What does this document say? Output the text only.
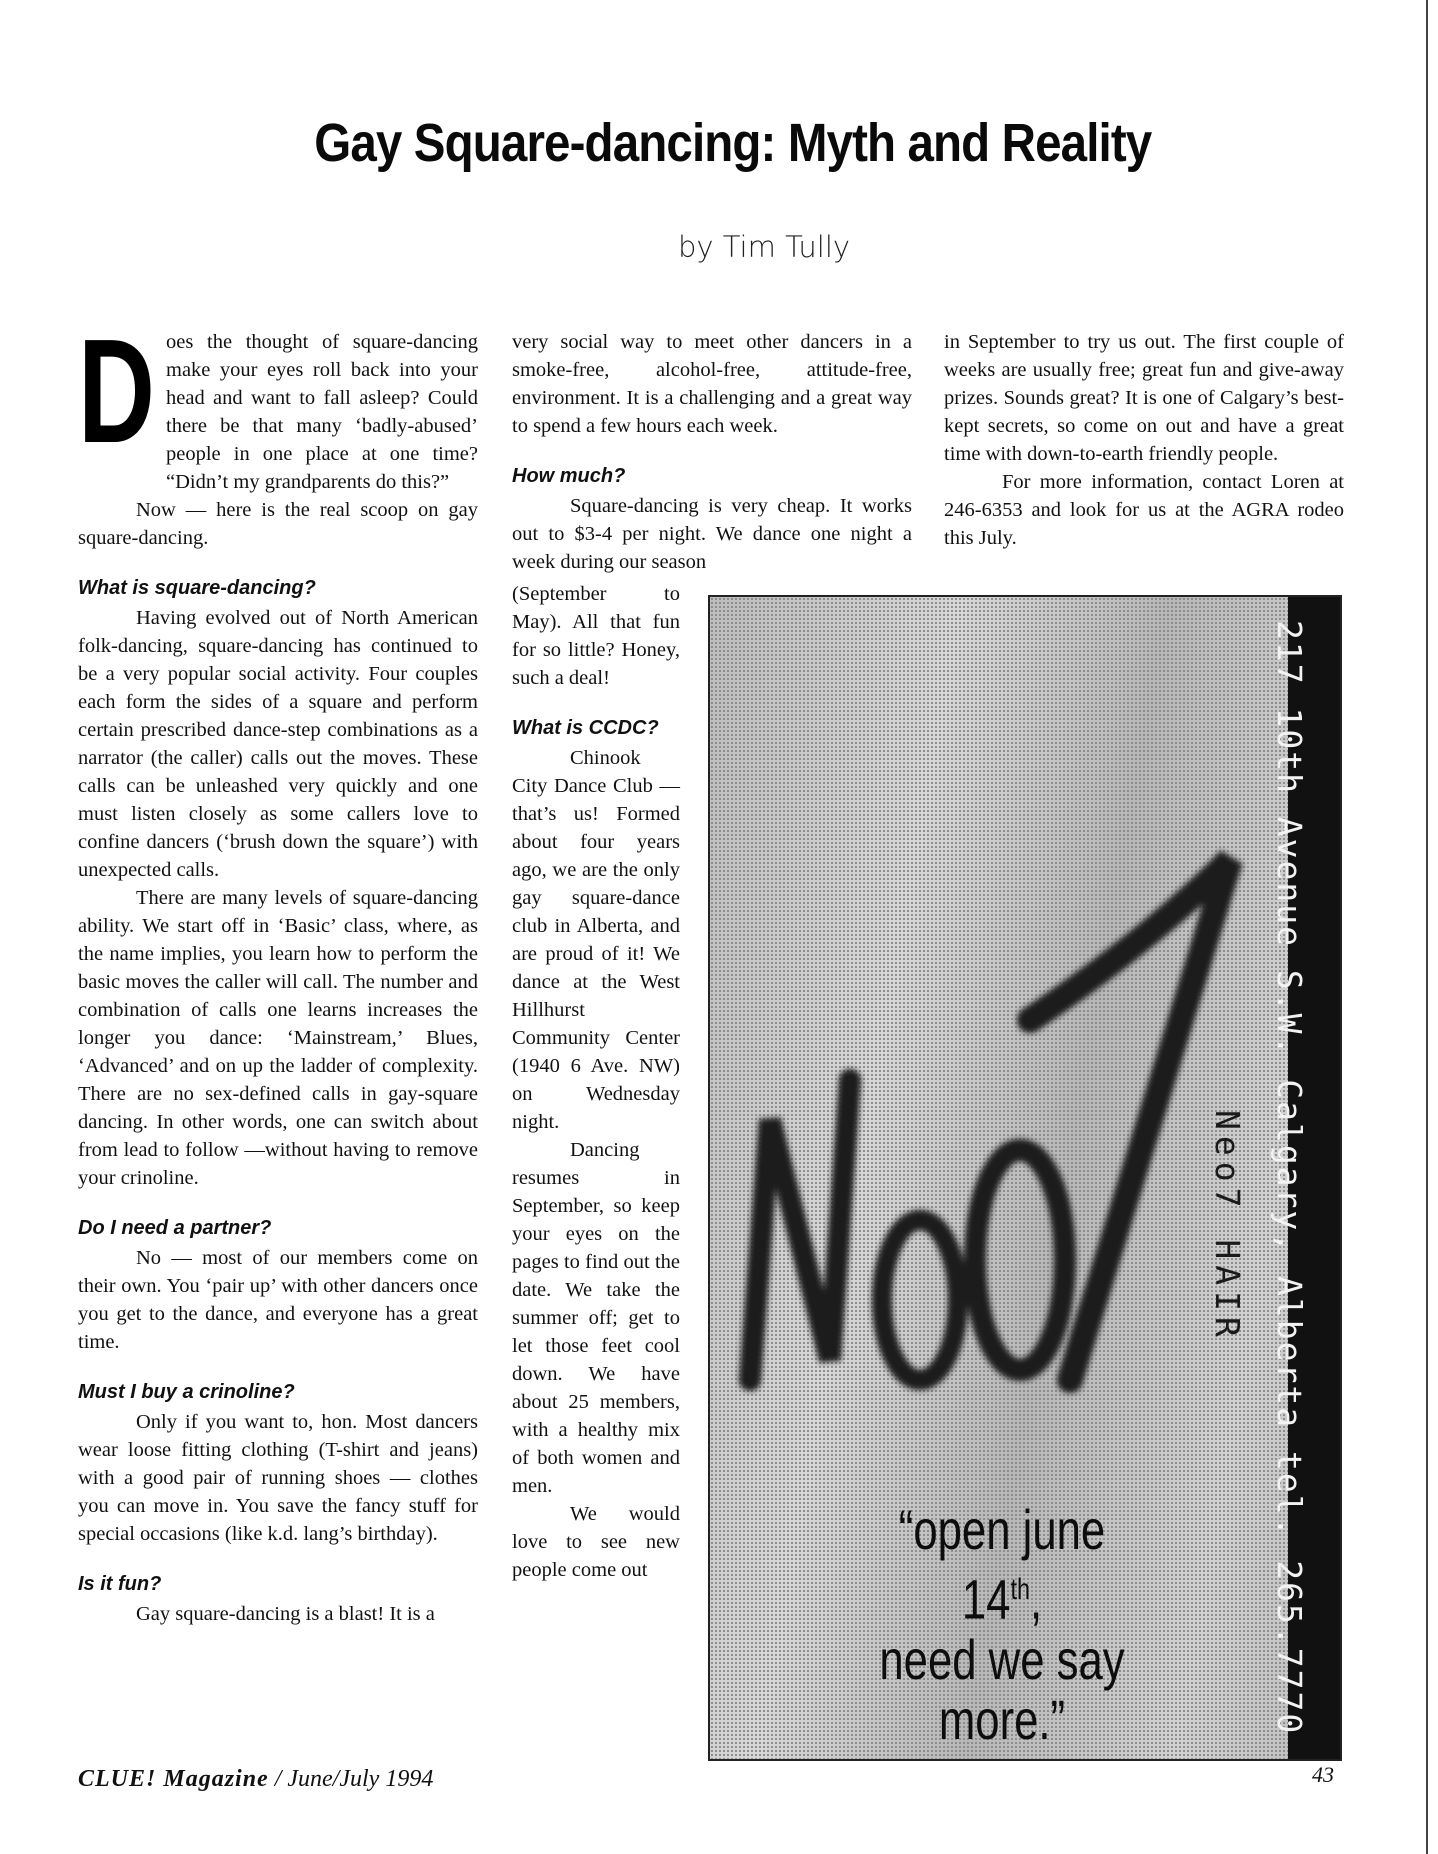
Gay Square-dancing: Myth and Reality
by Tim Tully
D oes the thought of square-dancing make your eyes roll back into your head and want to fall asleep? Could there be that many ‘badly-abused’ people in one place at one time? “Didn’t my grandparents do this?”

Now — here is the real scoop on gay square-dancing.

What is square-dancing?

Having evolved out of North American folk-dancing, square-dancing has continued to be a very popular social activity. Four couples each form the sides of a square and perform certain prescribed dance-step combinations as a narrator (the caller) calls out the moves. These calls can be unleashed very quickly and one must listen closely as some callers love to confine dancers (‘brush down the square’) with unexpected calls.

There are many levels of square-dancing ability. We start off in ‘Basic’ class, where, as the name implies, you learn how to perform the basic moves the caller will call. The number and combination of calls one learns increases the longer you dance: ‘Mainstream,’ Blues, ‘Advanced’ and on up the ladder of complexity. There are no sex-defined calls in gay-square dancing. In other words, one can switch about from lead to follow —without having to remove your crinoline.

Do I need a partner?

No — most of our members come on their own. You ‘pair up’ with other dancers once you get to the dance, and everyone has a great time.

Must I buy a crinoline?

Only if you want to, hon. Most dancers wear loose fitting clothing (T-shirt and jeans) with a good pair of running shoes — clothes you can move in. You save the fancy stuff for special occasions (like k.d. lang’s birthday).

Is it fun?

Gay square-dancing is a blast! It is a

very social way to meet other dancers in a smoke-free, alcohol-free, attitude-free, environment. It is a challenging and a great way to spend a few hours each week.

How much?

Square-dancing is very cheap. It works out to $3-4 per night. We dance one night a week during our season

(September to May). All that fun for so little? Honey, such a deal!

What is CCDC?

Chinook City Dance Club — that’s us! Formed about four years ago, we are the only gay square-dance club in Alberta, and are proud of it! We dance at the West Hillhurst Community Center (1940 6 Ave. NW) on Wednesday night.

Dancing resumes in September, so keep your eyes on the pages to find out the date. We take the summer off; get to let those feet cool down. We have about 25 members, with a healthy mix of both women and men.

We would love to see new people come out

in September to try us out. The first couple of weeks are usually free; great fun and give-away prizes. Sounds great? It is one of Calgary’s best-kept secrets, so come on out and have a great time with down-to-earth friendly people.

For more information, contact Loren at 246-6353 and look for us at the AGRA rodeo this July.

217 10th Avenue S.W. Calgary, Alberta tel. 265.7770
Neo7 HAIR
Neo7
“open june 14th,
need we say
more.”
CLUE! Magazine / June/July 1994	43
